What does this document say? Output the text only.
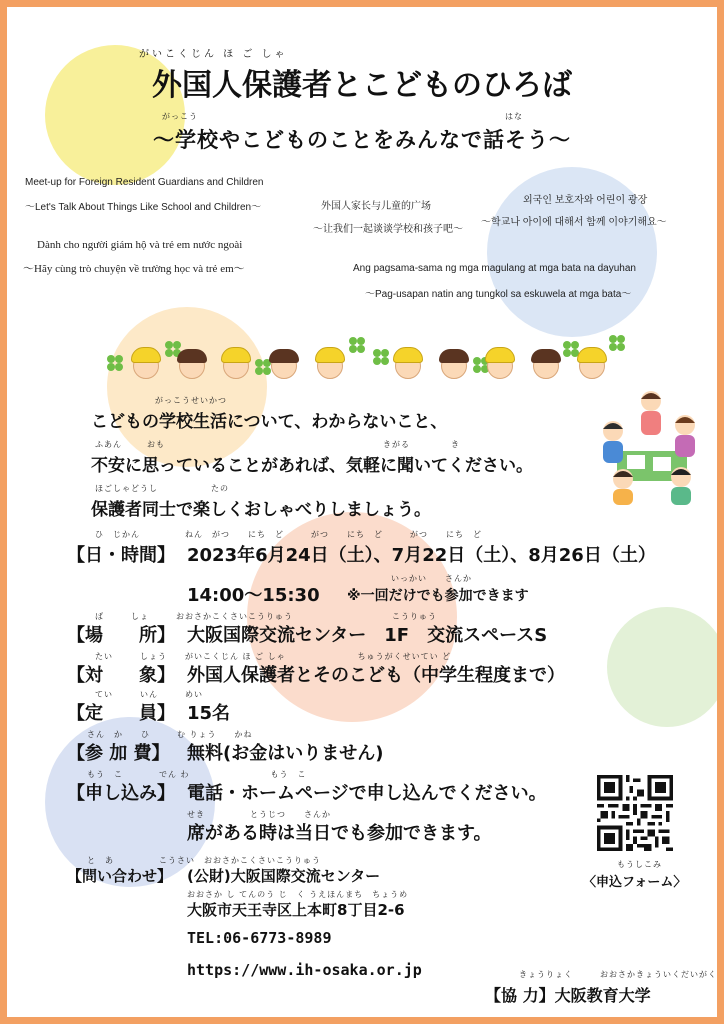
がいこくじん ほ ご しゃ
外国人保護者とこどものひろば
がっこう	はな
〜学校やこどものことをみんなで話そう〜
Meet-up for Foreign Resident Guardians and Children
〜Let's Talk About Things Like School and Children〜	外国人家长与儿童的广场
〜让我们一起谈谈学校和孩子吧〜
외국인 보호자와 어린이 광장
〜학교나 아이에 대해서 함께 이야기해요〜
Dành cho người giám hộ và trẻ em nước ngoài
〜Hãy cùng trò chuyện về trường học và trẻ em〜	Ang pagsama-sama ng mga magulang at mga bata na dayuhan
〜Pag-usapan natin ang tungkol sa eskuwela at mga bata〜
がっこうせいかつ
こどもの学校生活について、わからないこと、
ふあん	おも	きがる	き
不安に思っていることがあれば、気軽に聞いてください。
ほごしゃどうし	たの
保護者同士で楽しくおしゃべりしましょう。
ひ　じかん　　　　　ねん　がつ　　にち　ど　　　がつ　　にち　ど　　　がつ　　にち　ど
【日・時間】 2023年6月24日（土）、7月22日（土）、8月26日（土）
いっかい　　さんか
14:00〜15:30 ※一回だけでも参加できます
ば　　　しょ　　　おおさかこくさいこうりゅう　　　　　　　　　　　こうりゅう
【場　　所】 大阪国際交流センター　1F　交流スペースS
たい　　　しょう　　がいこくじん ほ ご しゃ　　　　　　　　ちゅうがくせいてい ど
【対　　象】 外国人保護者とそのこども（中学生程度まで）
てい　　　いん　　　めい
【定　　員】 15名
さん　か　　ひ　　　む りょう　　かね
【参 加 費】 無料(お金はいりません)
もう　こ　　　　でん わ　　　　　　　　　もう　こ
【申し込み】 電話・ホームページで申し込んでください。
せき　　　　　とうじつ　　さんか
席がある時は当日でも参加できます。
と　あ　　　　　こうさい　おおさかこくさいこうりゅう
【問い合わせ】 (公財)大阪国際交流センター
おおさか し てんのう じ　く うえほんまち　ちょうめ
大阪市天王寺区上本町8丁目2-6
TEL:06-6773-8989
https://www.ih-osaka.or.jp
もうしこみ
〈申込フォーム〉
きょうりょく　　　おおさかきょういくだいがく
【協 力】大阪教育大学
